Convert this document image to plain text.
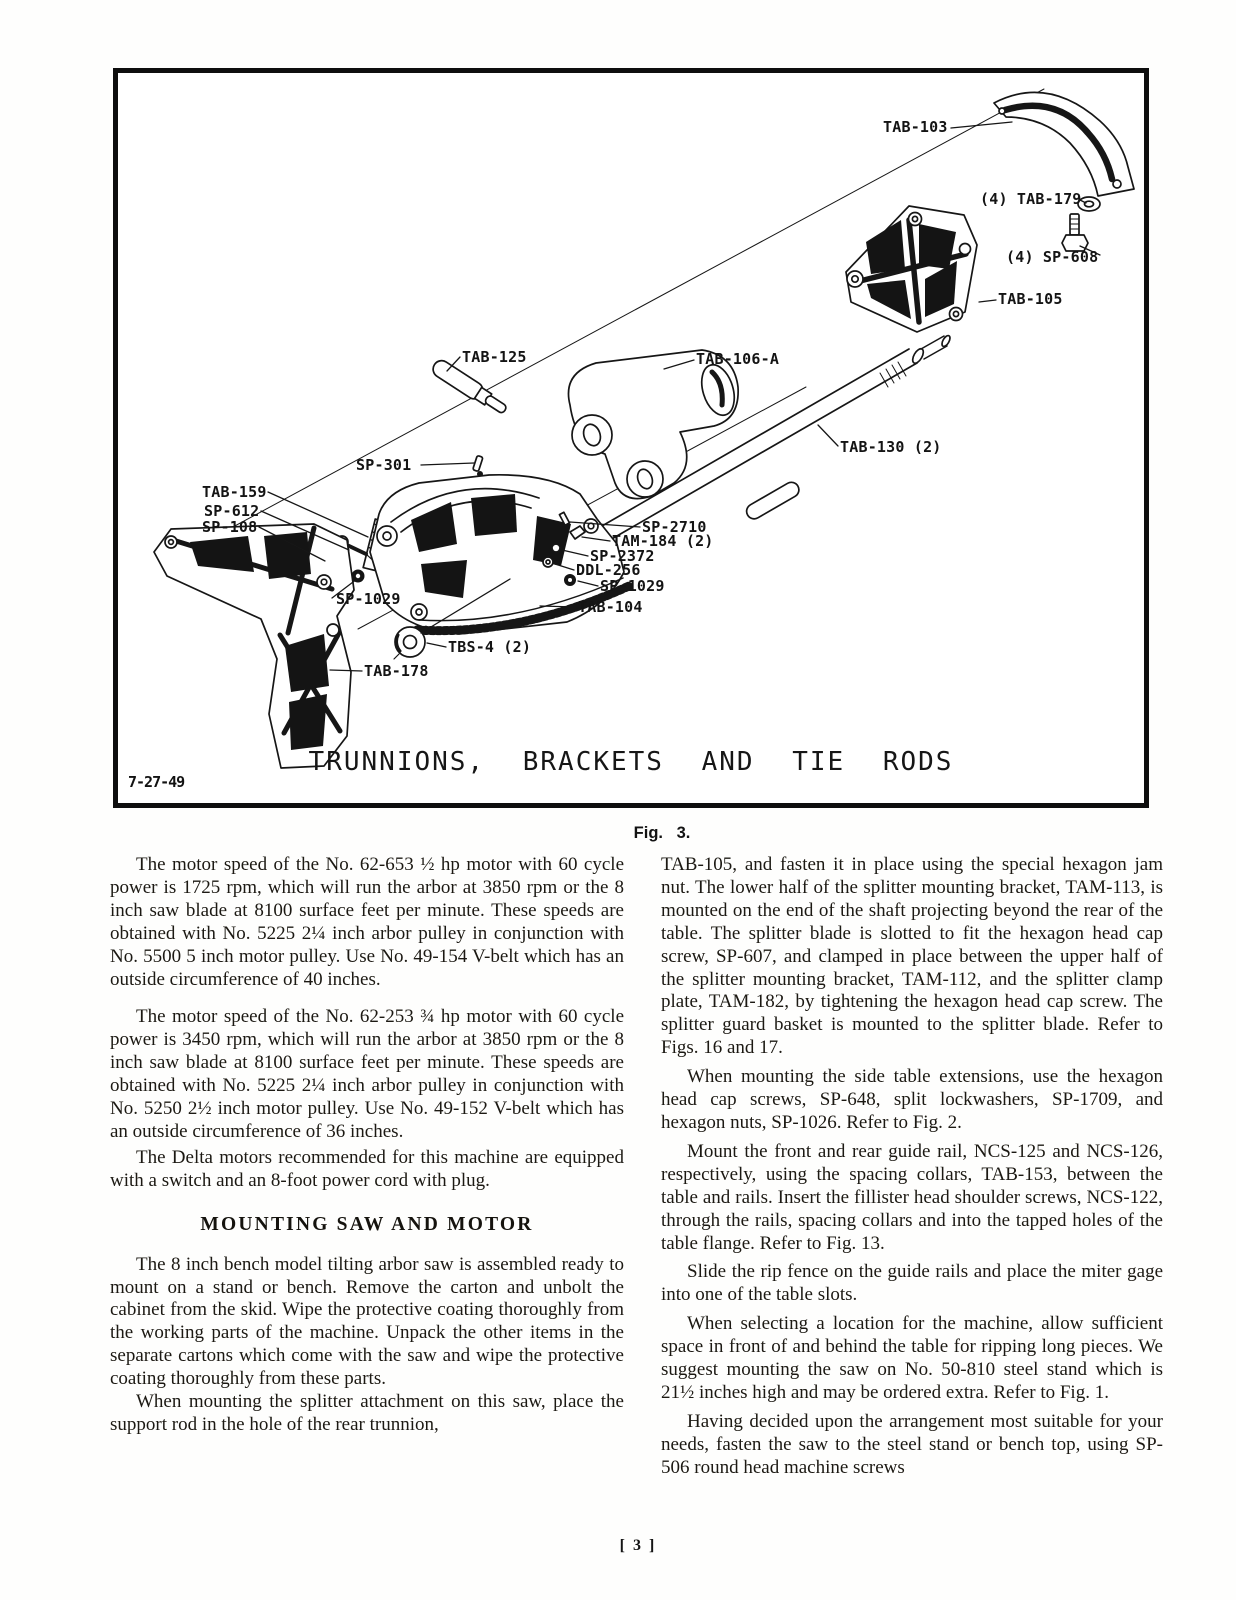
TAB-103
(4) TAB-179
(4) SP-608
TAB-105
TAB-125	TAB-106-A
TAB-130 (2)
SP-301
TAB-159
SP-612
SP-108	SP-2710
TAM-184 (2)
SP-2372
DDL-256
SP-1029
TAB-104
SP-1029
TBS-4 (2)
TAB-178
TRUNNIONS, BRACKETS AND TIE RODS
7-27-49
Fig. 3.

The motor speed of the No. 62-653 ½ hp motor with 60 cycle power is 1725 rpm, which will run the arbor at 3850 rpm or the 8 inch saw blade at 8100 surface feet per minute. These speeds are obtained with No. 5225 2¼ inch arbor pulley in conjunction with No. 5500 5 inch motor pulley. Use No. 49-154 V-belt which has an outside circumference of 40 inches.

The motor speed of the No. 62-253 ¾ hp motor with 60 cycle power is 3450 rpm, which will run the arbor at 3850 rpm or the 8 inch saw blade at 8100 surface feet per minute. These speeds are obtained with No. 5225 2¼ inch arbor pulley in conjunction with No. 5250 2½ inch motor pulley. Use No. 49-152 V-belt which has an outside circumference of 36 inches.

The Delta motors recommended for this machine are equipped with a switch and an 8-foot power cord with plug.

MOUNTING SAW AND MOTOR

The 8 inch bench model tilting arbor saw is assembled ready to mount on a stand or bench. Remove the carton and unbolt the cabinet from the skid. Wipe the protective coating thoroughly from the working parts of the machine. Unpack the other items in the separate cartons which come with the saw and wipe the protective coating thoroughly from these parts.

When mounting the splitter attachment on this saw, place the support rod in the hole of the rear trunnion,

TAB-105, and fasten it in place using the special hexagon jam nut. The lower half of the splitter mounting bracket, TAM-113, is mounted on the end of the shaft projecting beyond the rear of the table. The splitter blade is slotted to fit the hexagon head cap screw, SP-607, and clamped in place between the upper half of the splitter mounting bracket, TAM-112, and the splitter clamp plate, TAM-182, by tightening the hexagon head cap screw. The splitter guard basket is mounted to the splitter blade. Refer to Figs. 16 and 17.

When mounting the side table extensions, use the hexagon head cap screws, SP-648, split lockwashers, SP-1709, and hexagon nuts, SP-1026. Refer to Fig. 2.

Mount the front and rear guide rail, NCS-125 and NCS-126, respectively, using the spacing collars, TAB-153, between the table and rails. Insert the fillister head shoulder screws, NCS-122, through the rails, spacing collars and into the tapped holes of the table flange. Refer to Fig. 13.

Slide the rip fence on the guide rails and place the miter gage into one of the table slots.

When selecting a location for the machine, allow sufficient space in front of and behind the table for ripping long pieces. We suggest mounting the saw on No. 50-810 steel stand which is 21½ inches high and may be ordered extra. Refer to Fig. 1.

Having decided upon the arrangement most suitable for your needs, fasten the saw to the steel stand or bench top, using SP-506 round head machine screws

[ 3 ]
